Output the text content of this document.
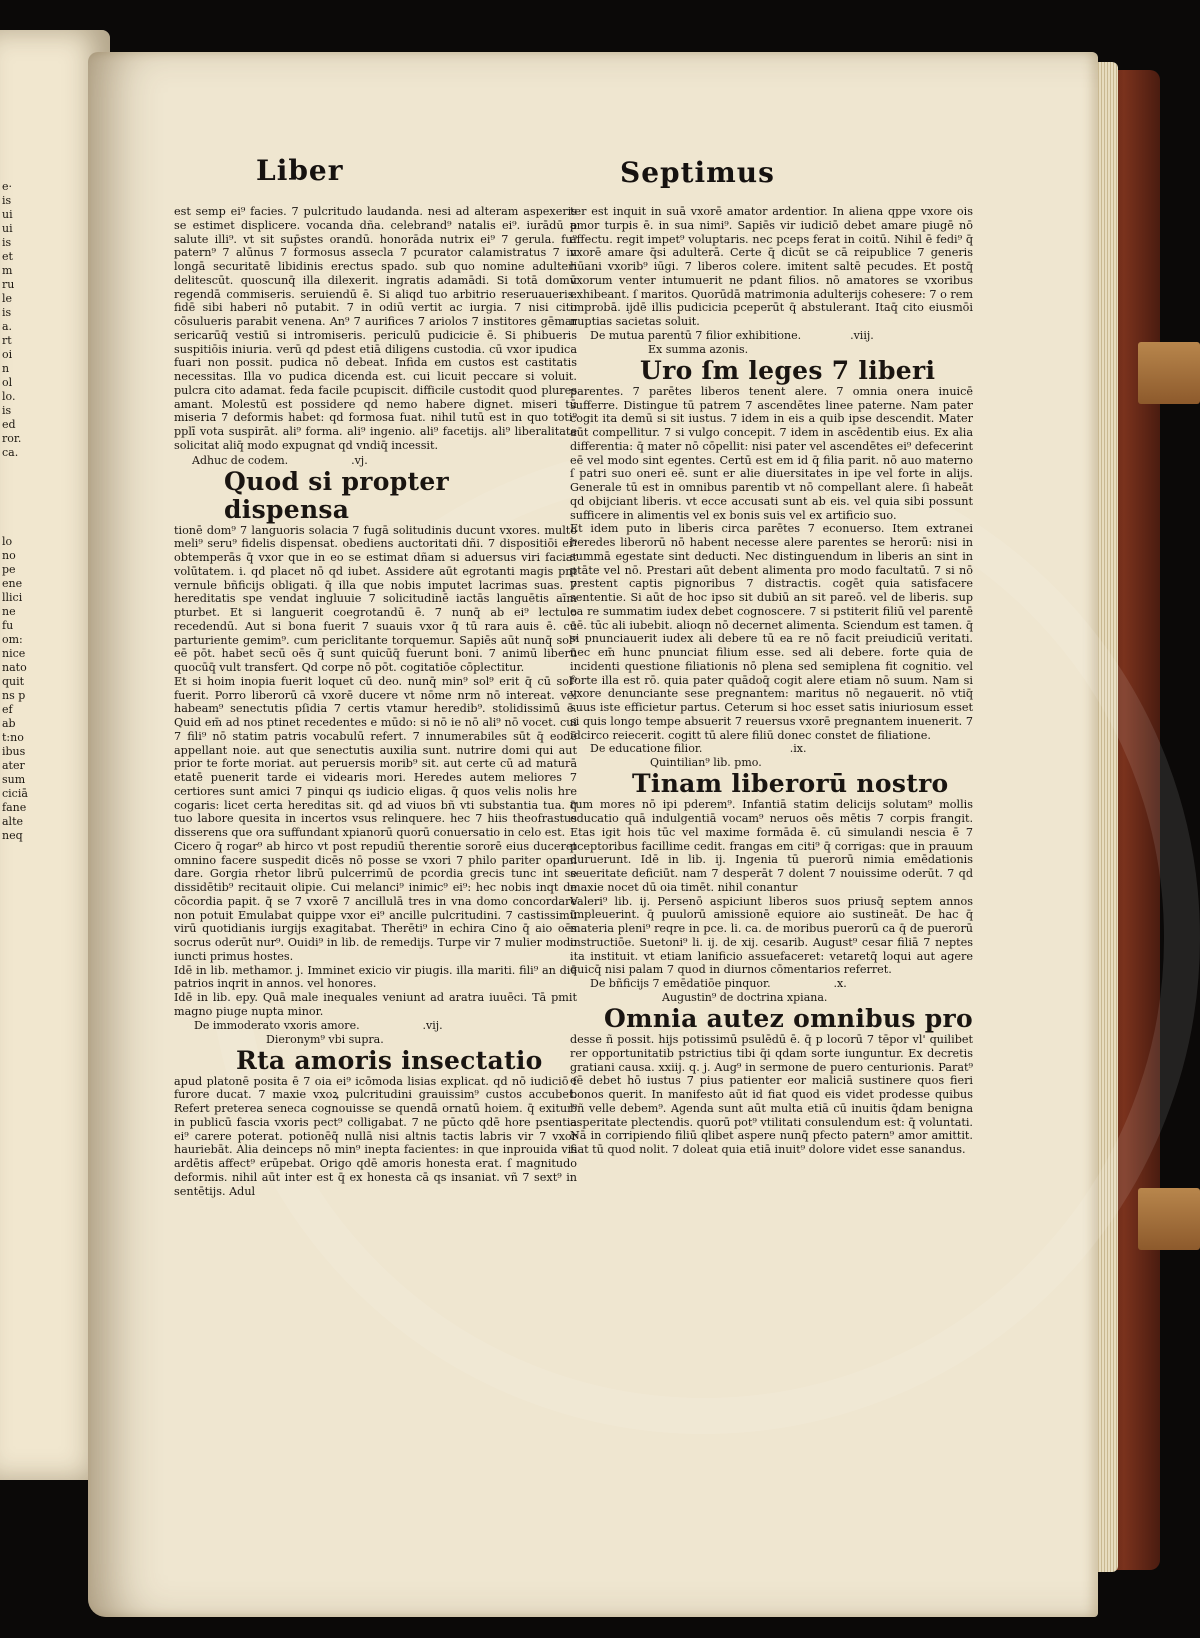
e·
is
ui
ui
is
et
m
ru
le
is
a.
rt
oi
n
ol
lo.
is
ed
ror.
ca.
lo
no
pe
ene
llici
ne
fu
om:
nice
nato
quit
ns p
ef ab
t:no
ibus
ater
sum
ciciā
fane
alte
neq
Liber	Septimus

est semp ei⁹ facies. 7 pulcritudo laudanda. nesi ad alteram aspexeris se estimet displicere. vocanda dña. celebrand⁹ natalis ei⁹. iurādū p salute illi⁹. vt sit sup̄stes orandū. honorāda nutrix ei⁹ 7 gerula. fu⁹ patern⁹ 7 alūnus 7 formosus assecla 7 pcurator calamistratus 7 in longā securitatē libidinis erectus spado. sub quo nomine adulteri delitescūt. quoscunq̄ illa dilexerit. ingratis adamādi. Si totā domū regendā commiseris. seruiendū ē. Si aliqd tuo arbitrio reseruaueris. fidē sibi haberi nō putabit. 7 in odiū vertit ac iurgia. 7 nisi cito cōsulueris parabit venena. An⁹ 7 aurifices 7 ariolos 7 institores gēmar sericarūq̄ vestiū si intromiseris. periculū pudicicie ē. Si phibueris suspitiōis iniuria. verū qd pdest etiā diligens custodia. cū vxor ipudica fuari non possit. pudica nō debeat. Infida em custos est castitatis necessitas. Illa vo pudica dicenda est. cui licuit peccare si voluit. pulcra cito adamat. feda facile pcupiscit. difficile custodit quod plures amant. Molestū est possidere qd nemo habere dignet. miseri tū miseria 7 deformis habet: qd formosa fuat. nihil tutū est in quo toti⁹ pplī vota suspirāt. ali⁹ forma. ali⁹ ingenio. ali⁹ facetijs. ali⁹ liberalitate solicitat aliq̄ modo expugnat qd vndiq̄ incessit.

Adhuc de codem.	.vj.

Quod si propter dispensa

tionē dom⁹ 7 languoris solacia 7 fugā solitudinis ducunt vxores. multo meli⁹ seru⁹ fidelis dispensat. obediens auctoritati dñi. 7 dispositiōi ei⁹ obtemperās q̄ vxor que in eo se estimat dñam si aduersus viri faciat volūtatem. i. qd placet nō qd iubet. Assidere aūt egrotanti magis pnt vernule bñficijs obligati. q̄ illa que nobis imputet lacrimas suas. 7 hereditatis spe vendat ingluuie 7 solicitudinē iactās languētis aīm pturbet. Et si languerit coegrotandū ē. 7 nunq̄ ab ei⁹ lectulo recedendū. Aut si bona fuerit 7 suauis vxor q̄ tū rara auis ē. cū parturiente gemim⁹. cum periclitante torquemur. Sapiēs aūt nunq̄ sol⁹ eē pōt. habet secū oēs q̄ sunt quicūq̄ fuerunt boni. 7 animū liberū quocūq̄ vult transfert. Qd corpe nō pōt. cogitatiōe cōplectitur.

Et si hoim inopia fuerit loquet cū deo. nunq̄ min⁹ sol⁹ erit q̄ cū sol⁹ fuerit. Porro liberorū cā vxorē ducere vt nōme nrm nō intereat. vel habeam⁹ senectutis pſidia 7 certis vtamur heredib⁹. stolidissimū ē. Quid em̄ ad nos ptinet recedentes e mūdo: si nō ie nō ali⁹ nō vocet. cui 7 fili⁹ nō statim patris vocabulū refert. 7 innumerabiles sūt q̄ eodē appellant noie. aut que senectutis auxilia sunt. nutrire domi qui aut prior te forte moriat. aut peruersis morib⁹ sit. aut certe cū ad maturā etatē puenerit tarde ei videaris mori. Heredes autem meliores 7 certiores sunt amici 7 pinqui qs iudicio eligas. q̄ quos velis nolis hre cogaris: licet certa hereditas sit. qd ad viuos bñ vti substantia tua. q̄ tuo labore quesita in incertos vsus relinquere. hec 7 hiis theofrastus disserens que ora suffundant xpianorū quorū conuersatio in celo est.

Cicero q̄ rogar⁹ ab hirco vt post repudiū therentie sororē eius duceret omnino facere suspedit dicēs nō posse se vxori 7 philo pariter opam dare. Gorgia rhetor librū pulcerrimū de pcordia grecis tunc int se dissidētib⁹ recitauit olipie. Cui melanci⁹ inimic⁹ ei⁹: hec nobis inqt de cōcordia papit. q̄ se 7 vxorē 7 ancillulā tres in vna domo concordare non potuit Emulabat quippe vxor ei⁹ ancille pulcritudini. 7 castissimū virū quotidianis iurgijs exagitabat. Therēti⁹ in echira Cino q̄ aio oēs socrus oderūt nur⁹. Ouidi⁹ in lib. de remedijs. Turpe vir 7 mulier modo iuncti primus hostes.

Idē in lib. methamor. j. Imminet exicio vir piugis. illa mariti. fili⁹ an diē patrios inqrit in annos. vel honores.

Idē in lib. epy. Quā male inequales veniunt ad aratra iuuēci. Tā pmit magno piuge nupta minor.

De immoderato vxoris amore.	.vij.

Dieronym⁹ vbi supra.

Rta amoris insectatio

apud platonē posita ē 7 oia ei⁹ icōmoda lisias explicat. qd nō iudiciō ſ furore ducat. 7 maxie vxoꝝ pulcritudini grauissim⁹ custos accubet. Refert preterea seneca cognouisse se quendā ornatū hoiem. q̄ exitur⁹ in publicū fascia vxoris pect⁹ colligabat. 7 ne pūcto qdē hore psentia ei⁹ carere poterat. potionēq̄ nullā nisi altnis tactis labris vir 7 vxor hauriebāt. Alia deinceps nō min⁹ inepta facientes: in que inprouida vis ardētis affect⁹ erūpebat. Origo qdē amoris honesta erat. ſ magnitudo deformis. nihil aūt inter est q̄ ex honesta cā qs insaniat. vñ 7 sext⁹ in sentētijs. Adul

ter est inquit in suā vxorē amator ardentior. In aliena qppe vxore ois amor turpis ē. in sua nimi⁹. Sapiēs vir iudiciō debet amare piugē nō affectu. regit impet⁹ voluptaris. nec pceps ferat in coitū. Nihil ē fedi⁹ q̄ vxorē amare q̄si adulterā. Certe q̄ dicūt se cā reipublice 7 generis hūani vxorib⁹ iūgi. 7 liberos colere. imitent saltē pecudes. Et postq̄ vxorum venter intumuerit ne pdant filios. nō amatores se vxoribus exhibeant. ſ maritos. Quorūdā matrimonia adulterijs cohesere: 7 o rem improbā. ijdē illis pudicicia pceperūt q̄ abstulerant. Itaq̄ cito eiusmōi nuptias sacietas soluit.

De mutua parentū 7 filior exhibitione.	.viij.

Ex summa azonis.

Uro ſm leges 7 liberi

parentes. 7 parētes liberos tenent alere. 7 omnia onera inuicē sufferre. Distingue tū patrem 7 ascendētes linee paterne. Nam pater cogit ita demū si sit iustus. 7 idem in eis a quib ipse descendit. Mater aūt compellitur. 7 si vulgo concepit. 7 idem in ascēdentib eius. Ex alia differentia: q̄ mater nō cōpellit: nisi pater vel ascendētes ei⁹ defecerint eē vel modo sint egentes. Certū est em id q̄ filia parit. nō auo materno ſ patri suo oneri eē. sunt er alie diuersitates in ipe vel forte in alijs. Generale tū est in omnibus parentib vt nō compellant alere. ſi habeāt qd obijciant liberis. vt ecce accusati sunt ab eis. vel quia sibi possunt sufficere in alimentis vel ex bonis suis vel ex artificio suo.

Et idem puto in liberis circa parētes 7 econuerso. Item extranei heredes liberorū nō habent necesse alere parentes se herorū: nisi in summā egestate sint deducti. Nec distinguendum in liberis an sint in ptāte vel nō. Prestari aūt debent alimenta pro modo facultatū. 7 si nō prestent captis pignoribus 7 distractis. cogēt quia satisfacere sententie. Si aūt de hoc ipso sit dubiū an sit pareō. vel de liberis. sup ea re summatim iudex debet cognoscere. 7 si pstiterit filiū vel parentē eē. tūc ali iubebit. alioqn nō decernet alimenta. Sciendum est tamen. q̄ si pnunciauerit iudex ali debere tū ea re nō facit preiudiciū veritati. nec em̄ hunc pnunciat filium esse. sed ali debere. forte quia de incidenti questione filiationis nō plena sed semiplena fit cognitio. vel forte illa est rō. quia pater quādoq̄ cogit alere etiam nō suum. Nam si vxore denunciante sese pregnantem: maritus nō negauerit. nō vtiq̄ suus iste efficietur partus. Ceterum si hoc esset satis iniuriosum esset si quis longo tempe absuerit 7 reuersus vxorē pregnantem inuenerit. 7 idcirco reiecerit. cogitt tū alere filiū donec constet de filiatione.

De educatione filior.	.ix.

Quintilian⁹ lib. pmo.

Tinam liberorū nostro

rum mores nō ipi pderem⁹. Infantiā statim delicijs solutam⁹ mollis educatio quā indulgentiā vocam⁹ neruos oēs mētis 7 corpis frangit. Etas igit hois tūc vel maxime formāda ē. cū simulandi nescia ē 7 pceptoribus facillime cedit. frangas em citi⁹ q̄ corrigas: que in prauum duruerunt. Idē in lib. ij. Ingenia tū puerorū nimia emēdationis seueritate deficiūt. nam 7 desperāt 7 dolent 7 nouissime oderūt. 7 qd maxie nocet dū oia timēt. nihil conantur

Valeri⁹ lib. ij. Persenō aspiciunt liberos suos priusq̄ septem annos impleuerint. q̄ puulorū amissionē equiore aio sustineāt. De hac q̄ materia pleni⁹ reqre in pce. li. ca. de moribus puerorū ca q̄ de puerorū instructiōe. Suetoni⁹ li. ij. de xij. cesarib. August⁹ cesar filiā 7 neptes ita instituit. vt etiam lanificio assuefaceret: vetaretq̄ loqui aut agere quicq̄ nisi palam 7 quod in diurnos cōmentarios referret.

De bñficijs 7 emēdatiōe pinquor.	.x.

Augustin⁹ de doctrina xpiana.

Omnia autez omnibus pro

desse ñ possit. hijs potissimū psulēdū ē. q̄ p locorū 7 tēpor vl' quilibet rer opportunitatib pstrictius tibi q̄i qdam sorte iunguntur. Ex decretis gratiani causa. xxiij. q. j. Aug⁹ in sermone de puero centurionis. Parat⁹ eē debet hō iustus 7 pius patienter eor maliciā sustinere quos fieri bonos querit. In manifesto aūt id fiat quod eis videt prodesse quibus bñ velle debem⁹. Agenda sunt aūt multa etiā cū inuitis q̄dam benigna asperitate plectendis. quorū pot⁹ vtilitati consulendum est: q̄ voluntati. Nā in corripiendo filiū qlibet aspere nunq̄ pfecto patern⁹ amor amittit. fiat tū quod nolit. 7 doleat quia etiā inuit⁹ dolore videt esse sanandus.
